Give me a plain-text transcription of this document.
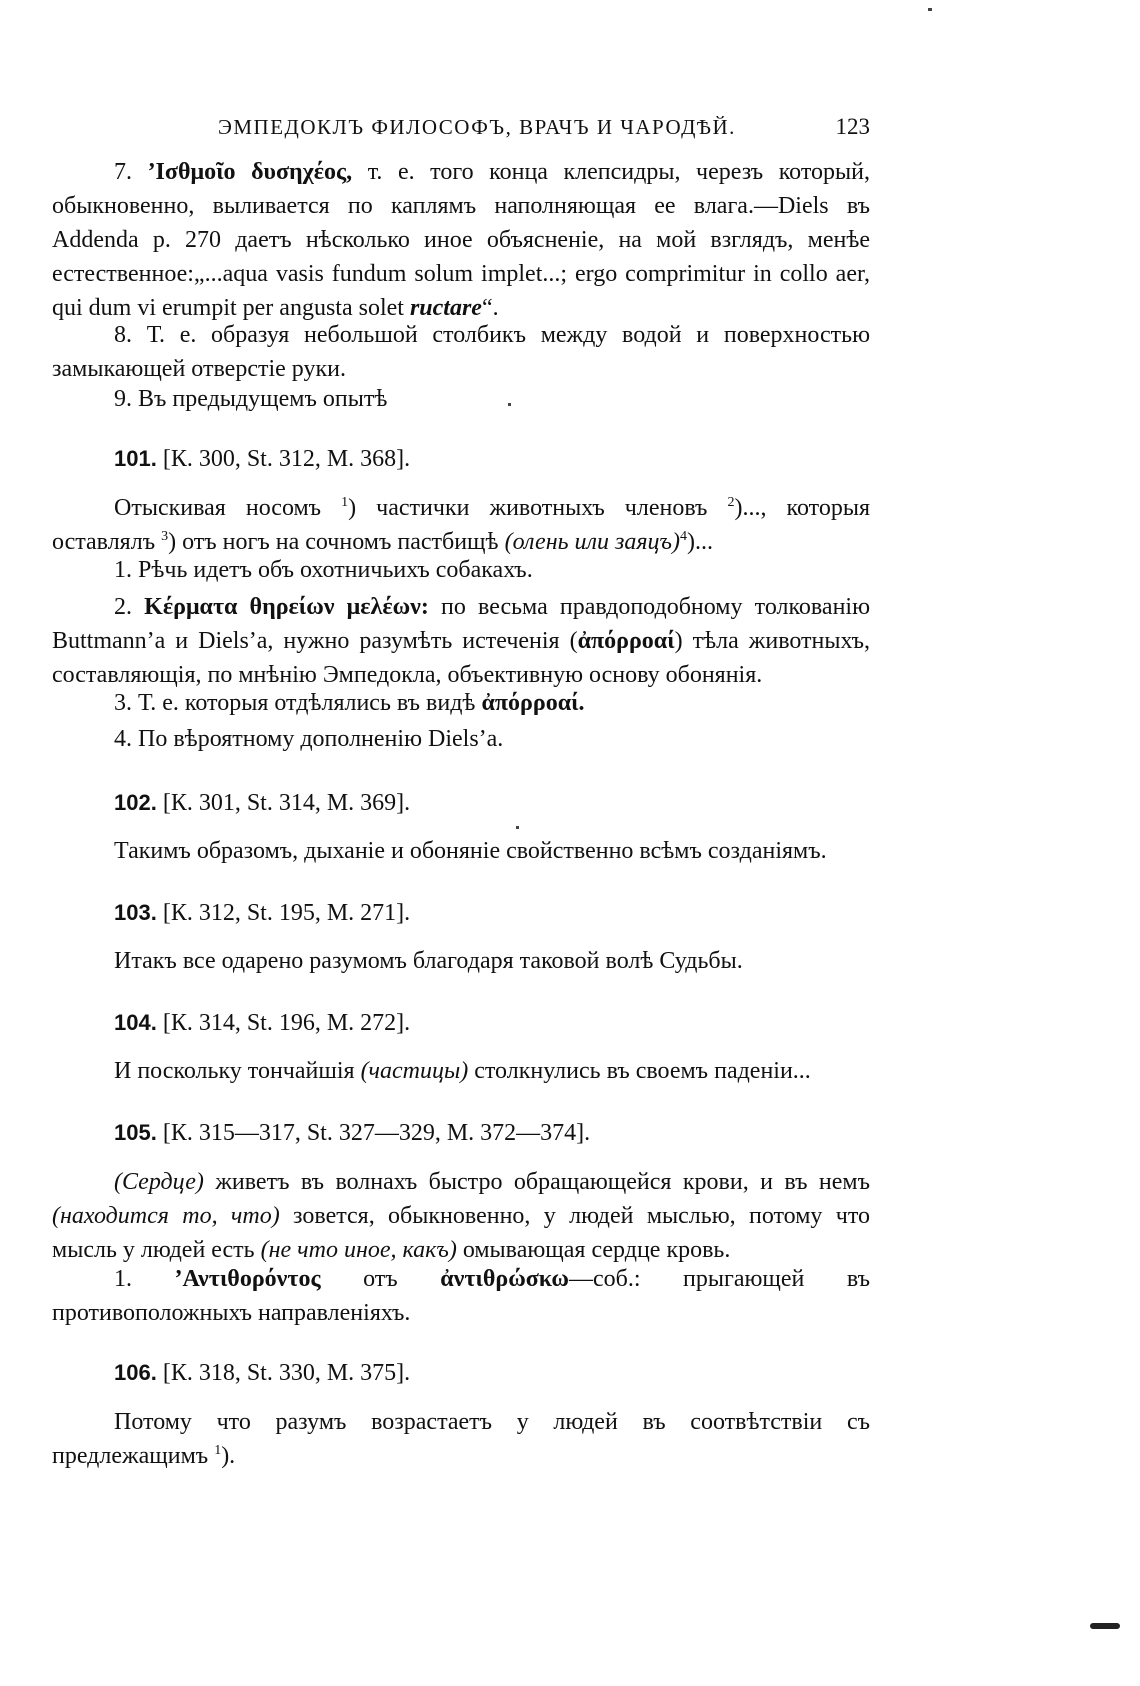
ЭМПЕДОКЛЪ ФИЛОСОФЪ, ВРАЧЪ И ЧАРОДѢЙ.	123

7. ’Ισθμοῖο δυσηχέος, т. е. того конца клепсидры, черезъ который, обыкновенно, выливается по каплямъ наполняющая ее влага.—Diels въ Addenda p. 270 даетъ нѣсколько иное объясненіе, на мой взглядъ, менѣе естественное:„...aqua vasis fundum solum implet...; ergo comprimitur in collo aer, qui dum vi erumpit per angusta solet ructare“.

8. Т. е. образуя небольшой столбикъ между водой и поверхностью замыкающей отверстіе руки.

9. Въ предыдущемъ опытѣ

101. [К. 300, St. 312, М. 368].

Отыскивая носомъ $^1$) частички животныхъ членовъ $^2$)..., которыя оставлялъ $^3$) отъ ногъ на сочномъ пастбищѣ (олень или заяцъ)$^4$)...

1. Рѣчь идетъ объ охотничьихъ собакахъ.

2. Κέρματα θηρείων μελέων: по весьма правдоподобному толкованію Buttmann’a и Diels’a, нужно разумѣть истеченія (ἀπόρροαί) тѣла животныхъ, составляющія, по мнѣнію Эмпедокла, объективную основу обонянія.

3. Т. е. которыя отдѣлялись въ видѣ ἀπόρροαί.

4. По вѣроятному дополненію Diels’a.

102. [К. 301, St. 314, М. 369].

Такимъ образомъ, дыханіе и обоняніе свойственно всѣмъ созданіямъ.

103. [К. 312, St. 195, М. 271].

Итакъ все одарено разумомъ благодаря таковой волѣ Судьбы.

104. [К. 314, St. 196, М. 272].

И поскольку тончайшія (частицы) столкнулись въ своемъ паденіи...

105. [К. 315—317, St. 327—329, М. 372—374].

(Сердце) живетъ въ волнахъ быстро обращающейся крови, и въ немъ (находится то, что) зовется, обыкновенно, у людей мыслью, потому что мысль у людей есть (не что иное, какъ) омывающая сердце кровь.

1. ’Αντιθορόντος отъ ἀντιθρώσκω—соб.: прыгающей въ противоположныхъ направленіяхъ.

106. [К. 318, St. 330, М. 375].

Потому что разумъ возрастаетъ у людей въ соотвѣтствіи съ предлежащимъ $^1$).
